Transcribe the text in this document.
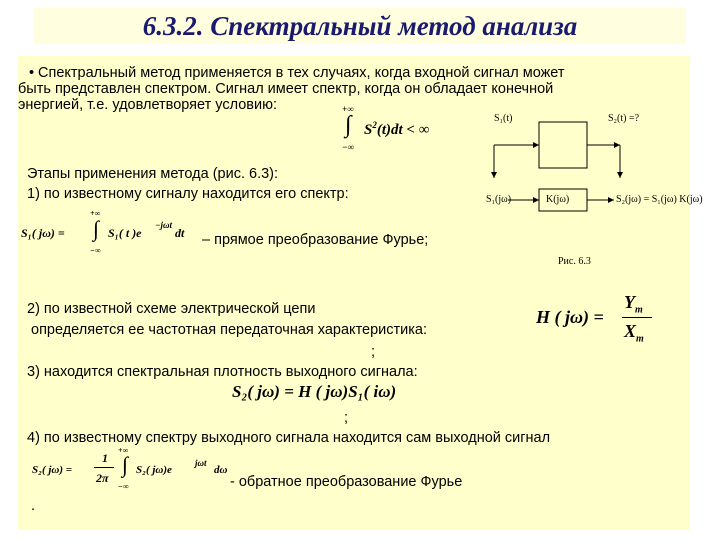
6.3.2. Спектральный метод анализа
• Спектральный метод применяется в тех случаях, когда входной сигнал может
быть представлен спектром. Сигнал имеет спектр, когда он обладает конечной
энергией, т.е. удовлетворяет условию:	+∞
∫
−∞
$S^2(t)dt$ < ∞
S₁(t)	S₂(t) =?
S₁(jω)	K(jω)	S₂(jω) = S₁(jω) K(jω)
Рис. 6.3
Этапы применения метода (рис. 6.3):
1) по известному сигналу находится его спектр:
S₁( jω) =
+∞
∫
−∞
S₁( t )e
−jωt
dt – прямое преобразование Фурье;
2) по известной схеме электрической цепи
определяется ее частотная передаточная характеристика:
H ( jω) =
$Y_m$
$X_m$
;
3) находится спектральная плотность выходного сигнала:
S₂( jω) = H ( jω)S₁( iω)
;
4) по известному спектру выходного сигнала находится сам выходной сигнал
S₂( jω) =
1
2π
+∞
∫
−∞
S₂( jω)e
jωt
dω
- обратное преобразование Фурье
.
